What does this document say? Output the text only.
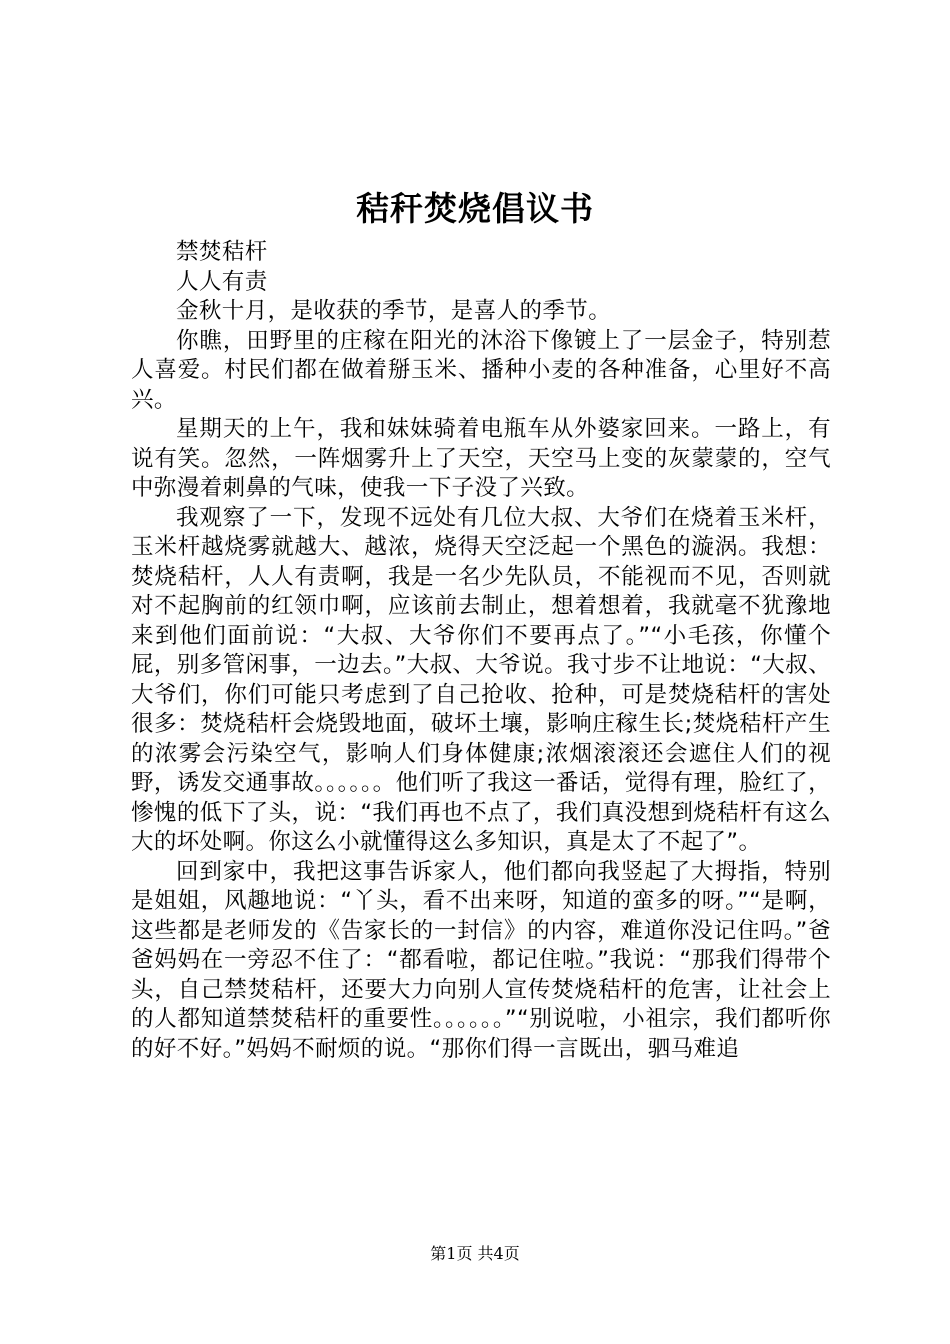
秸秆焚烧倡议书

禁焚秸杆

人人有责

金秋十月，是收获的季节，是喜人的季节。

你瞧，田野里的庄稼在阳光的沐浴下像镀上了一层金子，特别惹人喜爱。村民们都在做着掰玉米、播种小麦的各种准备，心里好不高兴。

星期天的上午，我和妹妹骑着电瓶车从外婆家回来。一路上，有说有笑。忽然，一阵烟雾升上了天空，天空马上变的灰蒙蒙的，空气中弥漫着刺鼻的气味，使我一下子没了兴致。

我观察了一下，发现不远处有几位大叔、大爷们在烧着玉米杆，玉米杆越烧雾就越大、越浓，烧得天空泛起一个黑色的漩涡。我想：焚烧秸杆，人人有责啊，我是一名少先队员，不能视而不见，否则就对不起胸前的红领巾啊，应该前去制止，想着想着，我就毫不犹豫地来到他们面前说：“大叔、大爷你们不要再点了。”“小毛孩，你懂个屁，别多管闲事，一边去。”大叔、大爷说。我寸步不让地说：“大叔、大爷们，你们可能只考虑到了自己抢收、抢种，可是焚烧秸杆的害处很多：焚烧秸杆会烧毁地面，破坏土壤，影响庄稼生长;焚烧秸杆产生的浓雾会污染空气，影响人们身体健康;浓烟滚滚还会遮住人们的视野，诱发交通事故。。。。。。他们听了我这一番话，觉得有理，脸红了，惨愧的低下了头，说：“我们再也不点了，我们真没想到烧秸杆有这么大的坏处啊。你这么小就懂得这么多知识，真是太了不起了”。

回到家中，我把这事告诉家人，他们都向我竖起了大拇指，特别是姐姐，风趣地说：“丫头，看不出来呀，知道的蛮多的呀。”“是啊，这些都是老师发的《告家长的一封信》的内容，难道你没记住吗。”爸爸妈妈在一旁忍不住了：“都看啦，都记住啦。”我说：“那我们得带个头，自己禁焚秸杆，还要大力向别人宣传焚烧秸杆的危害，让社会上的人都知道禁焚秸杆的重要性。。。。。。”“别说啦，小祖宗，我们都听你的好不好。”妈妈不耐烦的说。“那你们得一言既出，驷马难追

第1页 共4页
